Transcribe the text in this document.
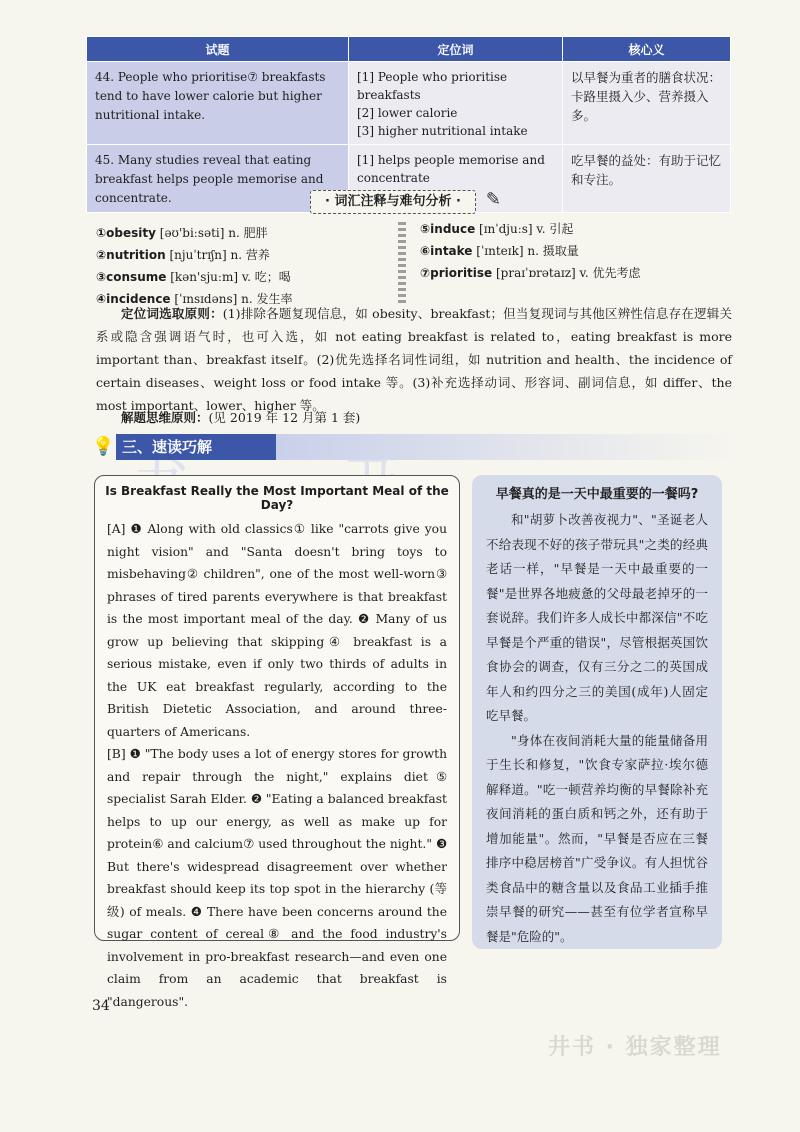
试题	定位词	核心义
44. People who prioritise⑦ breakfasts tend to have lower calorie but higher nutritional intake.	[1] People who prioritise breakfasts
[2] lower calorie
[3] higher nutritional intake	以早餐为重者的膳食状况：卡路里摄入少、营养摄入多。
45. Many studies reveal that eating breakfast helps people memorise and concentrate.	[1] helps people memorise and concentrate	吃早餐的益处：有助于记忆和专注。
· 词汇注释与难句分析 · ✎
①obesity [əʊ'biːsəti] n. 肥胖
②nutrition [njuˈtrɪʃn] n. 营养
③consume [kən'sjuːm] v. 吃；喝
④incidence [ˈɪnsɪdəns] n. 发生率
⑤induce [ɪnˈdjuːs] v. 引起
⑥intake [ˈɪnteɪk] n. 摄取量
⑦prioritise [praɪˈɒrətaɪz] v. 优先考虑
定位词选取原则：(1)排除各题复现信息，如 obesity、breakfast；但当复现词与其他区辨性信息存在逻辑关系或隐含强调语气时，也可入选，如 not eating breakfast is related to，eating breakfast is more important than、breakfast itself。(2)优先选择名词性词组，如 nutrition and health、the incidence of certain diseases、weight loss or food intake 等。(3)补充选择动词、形容词、副词信息，如 differ、the most important、lower、higher 等。
解题思维原则：(见 2019 年 12 月第 1 套)
💡 三、速读巧解
Is Breakfast Really the Most Important Meal of the Day?

[A] ❶ Along with old classics① like "carrots give you night vision" and "Santa doesn't bring toys to misbehaving② children", one of the most well-worn③ phrases of tired parents everywhere is that breakfast is the most important meal of the day. ❷ Many of us grow up believing that skipping④ breakfast is a serious mistake, even if only two thirds of adults in the UK eat breakfast regularly, according to the British Dietetic Association, and around three-quarters of Americans.

[B] ❶ "The body uses a lot of energy stores for growth and repair through the night," explains diet⑤ specialist Sarah Elder. ❷ "Eating a balanced breakfast helps to up our energy, as well as make up for protein⑥ and calcium⑦ used throughout the night." ❸ But there's widespread disagreement over whether breakfast should keep its top spot in the hierarchy (等级) of meals. ❹ There have been concerns around the sugar content of cereal⑧ and the food industry's involvement in pro-breakfast research—and even one claim from an academic that breakfast is "dangerous".

早餐真的是一天中最重要的一餐吗?

和"胡萝卜改善夜视力"、"圣诞老人不给表现不好的孩子带玩具"之类的经典老话一样，"早餐是一天中最重要的一餐"是世界各地疲惫的父母最老掉牙的一套说辞。我们许多人成长中都深信"不吃早餐是个严重的错误"，尽管根据英国饮食协会的调查，仅有三分之二的英国成年人和约四分之三的美国(成年)人固定吃早餐。

"身体在夜间消耗大量的能量储备用于生长和修复，"饮食专家萨拉·埃尔德解释道。"吃一顿营养均衡的早餐除补充夜间消耗的蛋白质和钙之外，还有助于增加能量"。然而，"早餐是否应在三餐排序中稳居榜首"广受争议。有人担忧谷类食品中的糖含量以及食品工业插手推崇早餐的研究——甚至有位学者宣称早餐是"危险的"。

34
井书 · 独家整理
